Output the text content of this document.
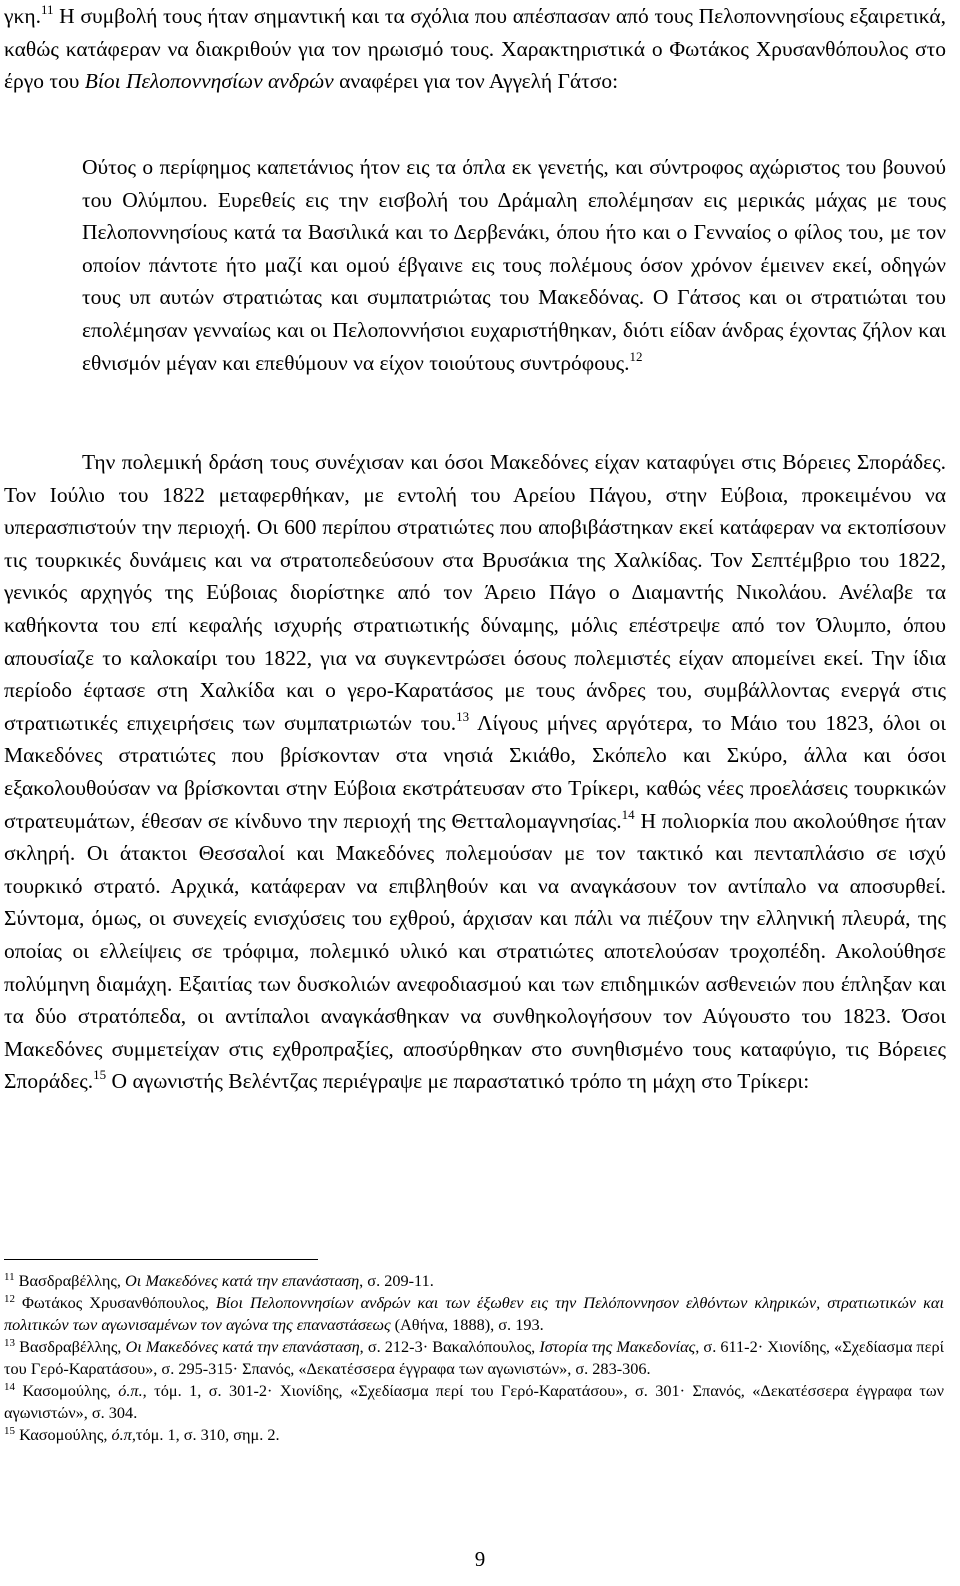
γκη.$^{11}$ Η συμβολή τους ήταν σημαντική και τα σχόλια που απέσπασαν από τους Πελοποννησίους εξαιρετικά, καθώς κατάφεραν να διακριθούν για τον ηρωισμό τους. Χαρακτηριστικά ο Φωτάκος Χρυσανθόπουλος στο έργο του Βίοι Πελοποννησίων ανδρών αναφέρει για τον Αγγελή Γάτσο:

Ούτος ο περίφημος καπετάνιος ήτον εις τα όπλα εκ γενετής, και σύντροφος αχώριστος του βουνού του Ολύμπου. Ευρεθείς εις την εισβολή του Δράμαλη επολέμησαν εις μερικάς μάχας με τους Πελοποννησίους κατά τα Βασιλικά και το Δερβενάκι, όπου ήτο και ο Γενναίος ο φίλος του, με τον οποίον πάντοτε ήτο μαζί και ομού έβγαινε εις τους πολέμους όσον χρόνον έμεινεν εκεί, οδηγών τους υπ αυτών στρατιώτας και συμπατριώτας του Μακεδόνας. Ο Γάτσος και οι στρατιώται του επολέμησαν γενναίως και οι Πελοποννήσιοι ευχαριστήθηκαν, διότι είδαν άνδρας έχοντας ζήλον και εθνισμόν μέγαν και επεθύμουν να είχον τοιούτους συντρόφους.$^{12}$

Την πολεμική δράση τους συνέχισαν και όσοι Μακεδόνες είχαν καταφύγει στις Βόρειες Σποράδες. Τον Ιούλιο του 1822 μεταφερθήκαν, με εντολή του Αρείου Πάγου, στην Εύβοια, προκειμένου να υπερασπιστούν την περιοχή. Οι 600 περίπου στρατιώτες που αποβιβάστηκαν εκεί κατάφεραν να εκτοπίσουν τις τουρκικές δυνάμεις και να στρατοπεδεύσουν στα Βρυσάκια της Χαλκίδας. Τον Σεπτέμβριο του 1822, γενικός αρχηγός της Εύβοιας διορίστηκε από τον Άρειο Πάγο ο Διαμαντής Νικολάου. Ανέλαβε τα καθήκοντα του επί κεφαλής ισχυρής στρατιωτικής δύναμης, μόλις επέστρεψε από τον Όλυμπο, όπου απουσίαζε το καλοκαίρι του 1822, για να συγκεντρώσει όσους πολεμιστές είχαν απομείνει εκεί. Την ίδια περίοδο έφτασε στη Χαλκίδα και ο γερο-Καρατάσος με τους άνδρες του, συμβάλλοντας ενεργά στις στρατιωτικές επιχειρήσεις των συμπατριωτών του.$^{13}$ Λίγους μήνες αργότερα, το Μάιο του 1823, όλοι οι Μακεδόνες στρατιώτες που βρίσκονταν στα νησιά Σκιάθο, Σκόπελο και Σκύρο, άλλα και όσοι εξακολουθούσαν να βρίσκονται στην Εύβοια εκστράτευσαν στο Τρίκερι, καθώς νέες προελάσεις τουρκικών στρατευμάτων, έθεσαν σε κίνδυνο την περιοχή της Θετταλομαγνησίας.$^{14}$ Η πολιορκία που ακολούθησε ήταν σκληρή. Οι άτακτοι Θεσσαλοί και Μακεδόνες πολεμούσαν με τον τακτικό και πενταπλάσιο σε ισχύ τουρκικό στρατό. Αρχικά, κατάφεραν να επιβληθούν και να αναγκάσουν τον αντίπαλο να αποσυρθεί. Σύντομα, όμως, οι συνεχείς ενισχύσεις του εχθρού, άρχισαν και πάλι να πιέζουν την ελληνική πλευρά, της οποίας οι ελλείψεις σε τρόφιμα, πολεμικό υλικό και στρατιώτες αποτελούσαν τροχοπέδη. Ακολούθησε πολύμηνη διαμάχη. Εξαιτίας των δυσκολιών ανεφοδιασμού και των επιδημικών ασθενειών που έπληξαν και τα δύο στρατόπεδα, οι αντίπαλοι αναγκάσθηκαν να συνθηκολογήσουν τον Αύγουστο του 1823. Όσοι Μακεδόνες συμμετείχαν στις εχθροπραξίες, αποσύρθηκαν στο συνηθισμένο τους καταφύγιο, τις Βόρειες Σποράδες.$^{15}$ Ο αγωνιστής Βελέντζας περιέγραψε με παραστατικό τρόπο τη μάχη στο Τρίκερι:

$^{11}$ Βασδραβέλλης, Οι Μακεδόνες κατά την επανάσταση, σ. 209-11.

$^{12}$ Φωτάκος Χρυσανθόπουλος, Βίοι Πελοποννησίων ανδρών και των έξωθεν εις την Πελόποννησον ελθόντων κληρικών, στρατιωτικών και πολιτικών των αγωνισαμένων τον αγώνα της επαναστάσεως (Αθήνα, 1888), σ. 193.

$^{13}$ Βασδραβέλλης, Οι Μακεδόνες κατά την επανάσταση, σ. 212-3· Βακαλόπουλος, Ιστορία της Μακεδονίας, σ. 611-2· Χιονίδης, «Σχεδίασμα περί του Γερό-Καρατάσου», σ. 295-315· Σπανός, «Δεκατέσσερα έγγραφα των αγωνιστών», σ. 283-306.

$^{14}$ Κασομούλης, ό.π., τόμ. 1, σ. 301-2· Χιονίδης, «Σχεδίασμα περί του Γερό-Καρατάσου», σ. 301· Σπανός, «Δεκατέσσερα έγγραφα των αγωνιστών», σ. 304.

$^{15}$ Κασομούλης, ό.π,τόμ. 1, σ. 310, σημ. 2.

9
